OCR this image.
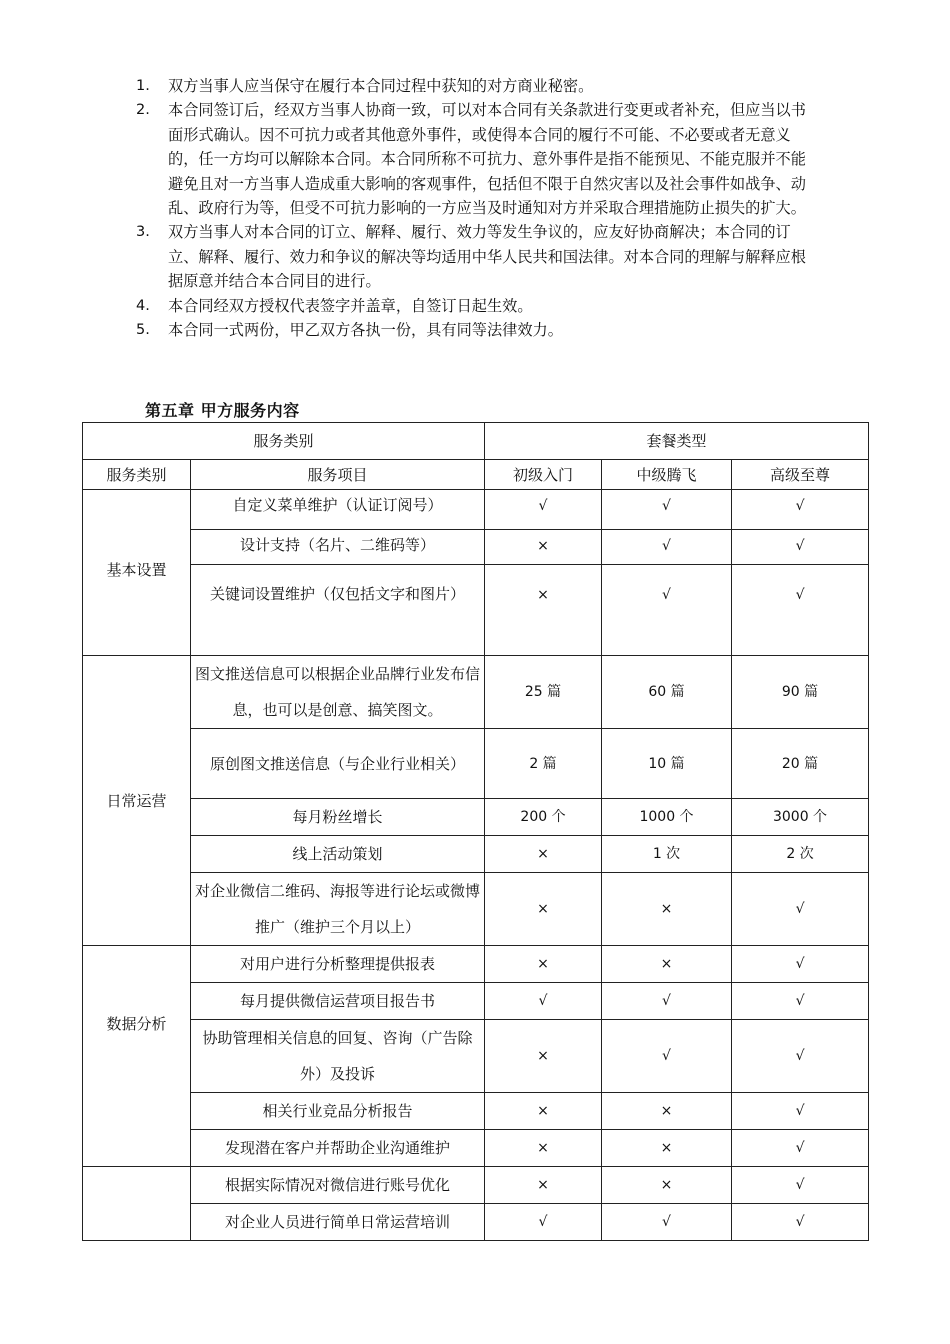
1. 双方当事人应当保守在履行本合同过程中获知的对方商业秘密。
2. 本合同签订后，经双方当事人协商一致，可以对本合同有关条款进行变更或者补充，但应当以书面形式确认。因不可抗力或者其他意外事件，或使得本合同的履行不可能、不必要或者无意义的，任一方均可以解除本合同。本合同所称不可抗力、意外事件是指不能预见、不能克服并不能避免且对一方当事人造成重大影响的客观事件，包括但不限于自然灾害以及社会事件如战争、动乱、政府行为等，但受不可抗力影响的一方应当及时通知对方并采取合理措施防止损失的扩大。
3. 双方当事人对本合同的订立、解释、履行、效力等发生争议的，应友好协商解决；本合同的订立、解释、履行、效力和争议的解决等均适用中华人民共和国法律。对本合同的理解与解释应根据原意并结合本合同目的进行。
4. 本合同经双方授权代表签字并盖章，自签订日起生效。
5. 本合同一式两份，甲乙双方各执一份，具有同等法律效力。
第五章 甲方服务内容
服务类别		套餐类型		
服务类别	服务项目	初级入门	中级腾飞	高级至尊
基本设置	自定义菜单维护（认证订阅号）	√	√	√
	设计支持（名片、二维码等）	×	√	√
	关键词设置维护（仅包括文字和图片）	×	√	√
日常运营	图文推送信息可以根据企业品牌行业发布信息，也可以是创意、搞笑图文。	25 篇	60 篇	90 篇
	原创图文推送信息（与企业行业相关）	2 篇	10 篇	20 篇
	每月粉丝增长	200 个	1000 个	3000 个
	线上活动策划	×	1 次	2 次
	对企业微信二维码、海报等进行论坛或微博推广（维护三个月以上）	×	×	√
数据分析	对用户进行分析整理提供报表	×	×	√
	每月提供微信运营项目报告书	√	√	√
	协助管理相关信息的回复、咨询（广告除外）及投诉	×	√	√
	相关行业竞品分析报告	×	×	√
	发现潜在客户并帮助企业沟通维护	×	×	√
	根据实际情况对微信进行账号优化	×	×	√
	对企业人员进行简单日常运营培训	√	√	√
